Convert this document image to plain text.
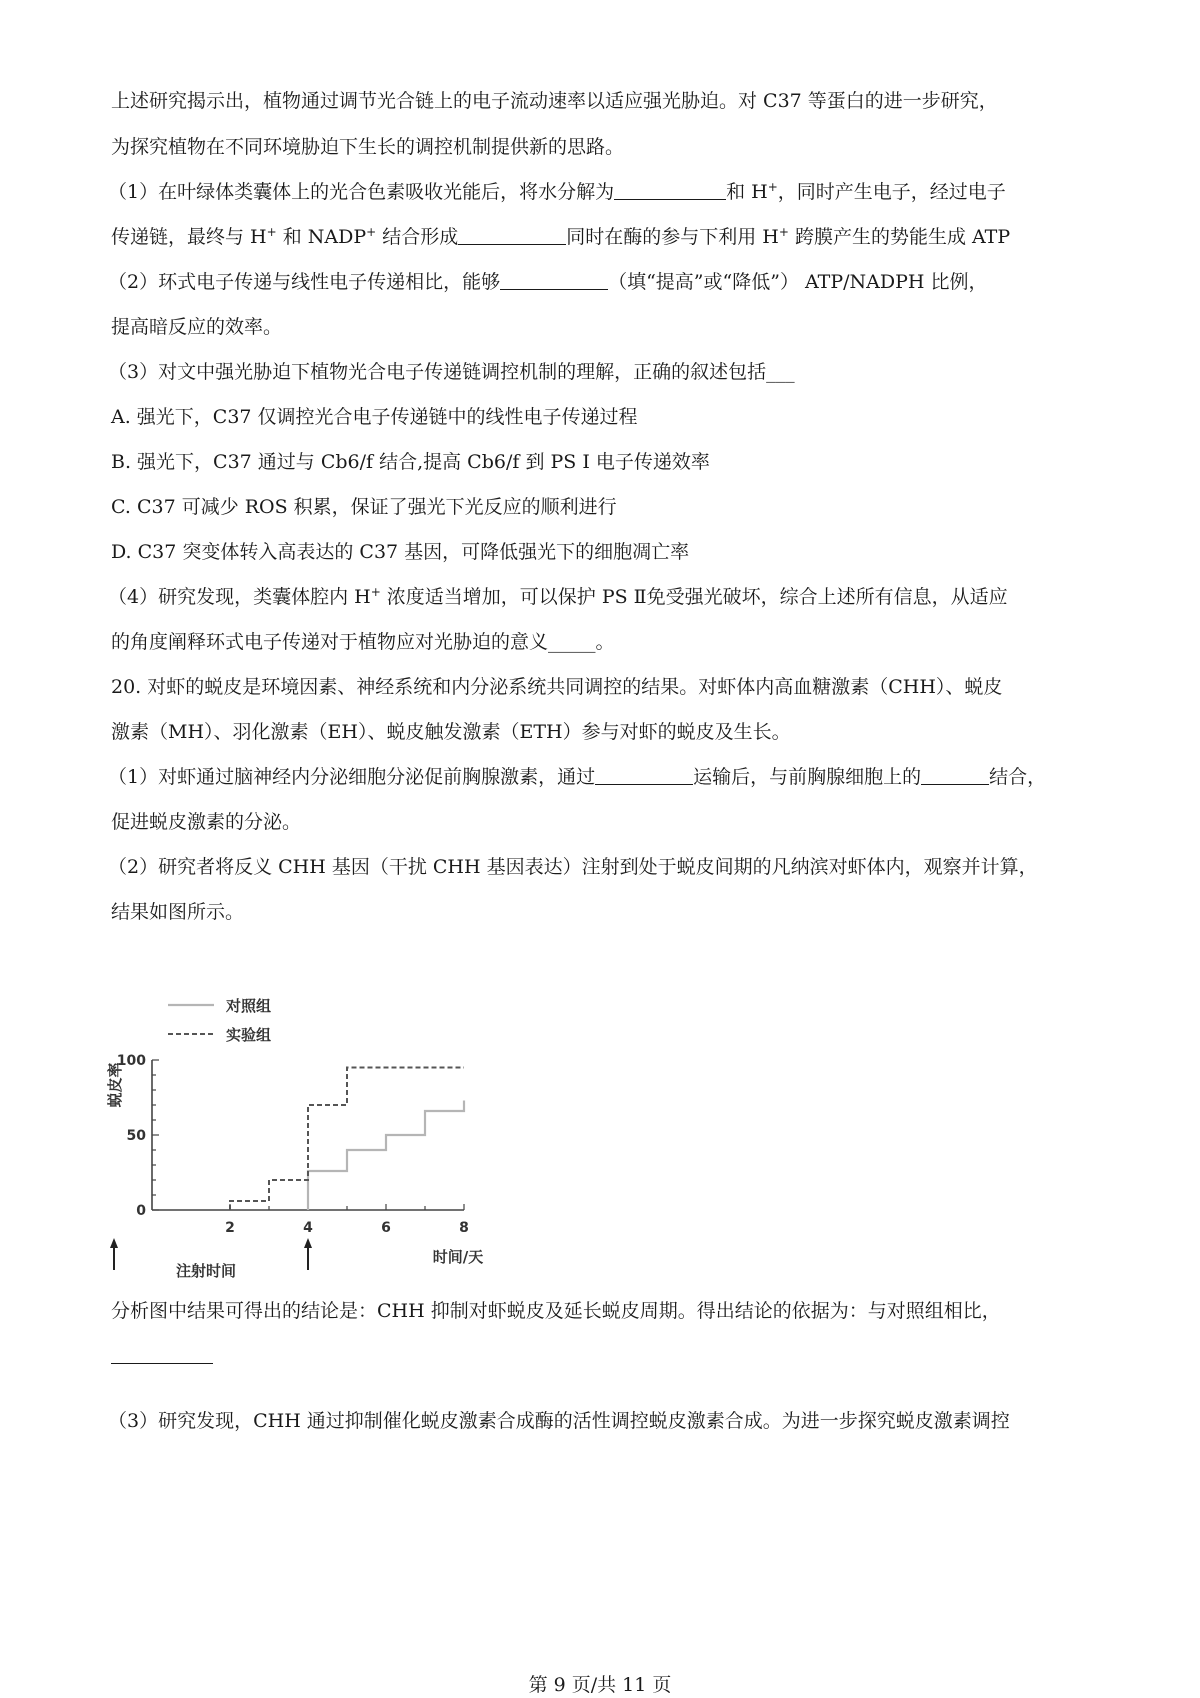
上述研究揭示出，植物通过调节光合链上的电子流动速率以适应强光胁迫。对 C37 等蛋白的进一步研究，
为探究植物在不同环境胁迫下生长的调控机制提供新的思路。
（1）在叶绿体类囊体上的光合色素吸收光能后，将水分解为	和 H+，同时产生电子，经过电子
传递链，最终与 H+ 和 NADP+ 结合形成	同时在酶的参与下利用 H+ 跨膜产生的势能生成 ATP
（2）环式电子传递与线性电子传递相比，能够	（填“提高”或“降低”） ATP/NADPH 比例，
提高暗反应的效率。
（3）对文中强光胁迫下植物光合电子传递链调控机制的理解，正确的叙述包括___
A. 强光下，C37 仅调控光合电子传递链中的线性电子传递过程
B. 强光下，C37 通过与 Cb6/f 结合,提高 Cb6/f 到 PS Ⅰ 电子传递效率
C. C37 可减少 ROS 积累，保证了强光下光反应的顺利进行
D. C37 突变体转入高表达的 C37 基因，可降低强光下的细胞凋亡率
（4）研究发现，类囊体腔内 H+ 浓度适当增加，可以保护 PS Ⅱ免受强光破坏，综合上述所有信息，从适应
的角度阐释环式电子传递对于植物应对光胁迫的意义_____。
20. 对虾的蜕皮是环境因素、神经系统和内分泌系统共同调控的结果。对虾体内高血糖激素（CHH）、蜕皮
激素（MH）、羽化激素（EH）、蜕皮触发激素（ETH）参与对虾的蜕皮及生长。
（1）对虾通过脑神经内分泌细胞分泌促前胸腺激素，通过	运输后，与前胸腺细胞上的	结合，
促进蜕皮激素的分泌。
（2）研究者将反义 CHH 基因（干扰 CHH 基因表达）注射到处于蜕皮间期的凡纳滨对虾体内，观察并计算，
结果如图所示。
0
50
100
2	4	6	8
对照组
实验组
蜕皮率
时间/天
注射时间
分析图中结果可得出的结论是：CHH 抑制对虾蜕皮及延长蜕皮周期。得出结论的依据为：与对照组相比，
（3）研究发现，CHH 通过抑制催化蜕皮激素合成酶的活性调控蜕皮激素合成。为进一步探究蜕皮激素调控
第 9 页/共 11 页
